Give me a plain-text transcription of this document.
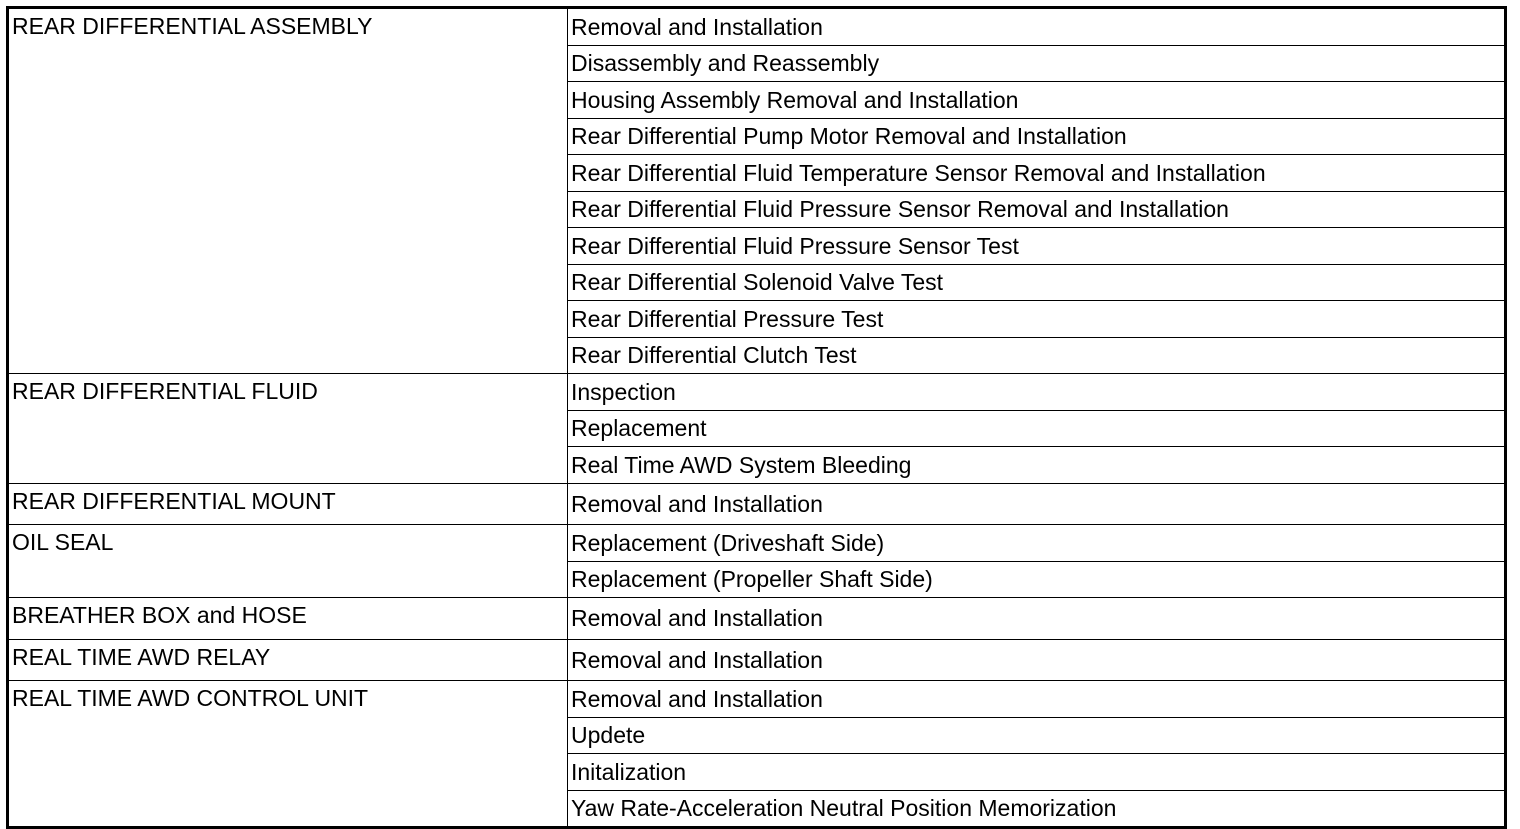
REAR DIFFERENTIAL ASSEMBLY	Removal and Installation
	Disassembly and Reassembly
	Housing Assembly Removal and Installation
	Rear Differential Pump Motor Removal and Installation
	Rear Differential Fluid Temperature Sensor Removal and Installation
	Rear Differential Fluid Pressure Sensor Removal and Installation
	Rear Differential Fluid Pressure Sensor Test
	Rear Differential Solenoid Valve Test
	Rear Differential Pressure Test
	Rear Differential Clutch Test
REAR DIFFERENTIAL FLUID	Inspection
	Replacement
	Real Time AWD System Bleeding
REAR DIFFERENTIAL MOUNT	Removal and Installation
OIL SEAL	Replacement (Driveshaft Side)
	Replacement (Propeller Shaft Side)
BREATHER BOX and HOSE	Removal and Installation
REAL TIME AWD RELAY	Removal and Installation
REAL TIME AWD CONTROL UNIT	Removal and Installation
	Updete
	Initalization
	Yaw Rate-Acceleration Neutral Position Memorization
